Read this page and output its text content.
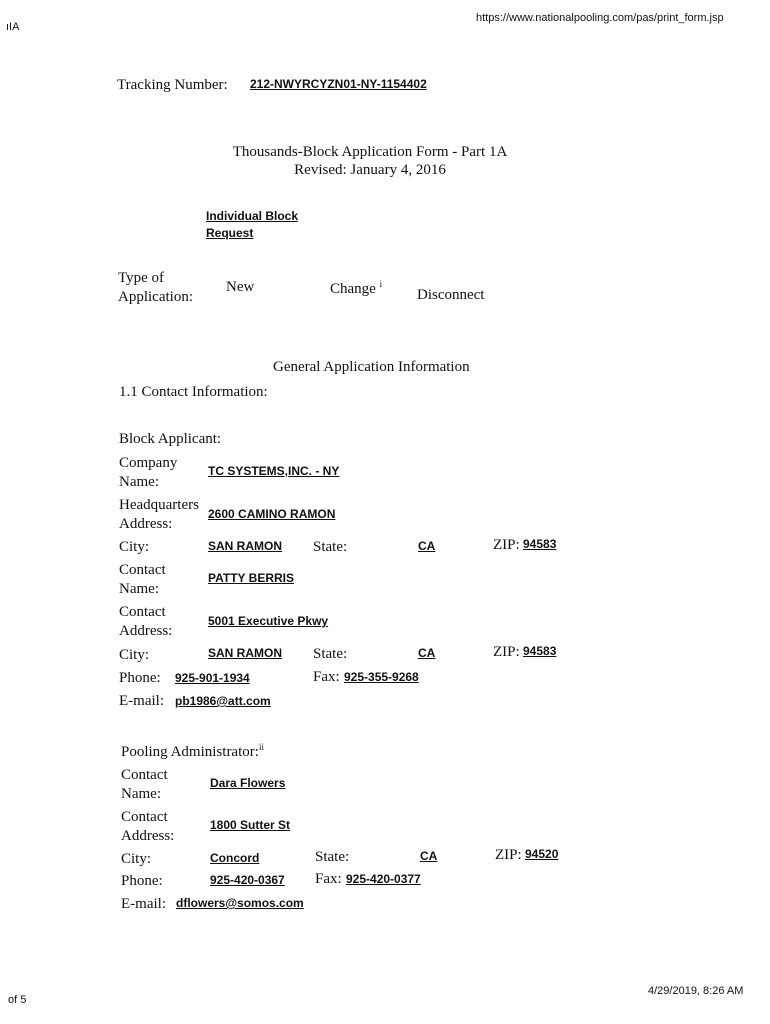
ıIA
https://www.nationalpooling.com/pas/print_form.jsp
Tracking Number: 212-NWYRCYZN01-NY-1154402
Thousands-Block Application Form - Part 1A
Revised: January 4, 2016
Individual Block
Request
Type of
Application:
New	Change $^i$
Disconnect
General Application Information
1.1 Contact Information:
Block Applicant:
Company
Name:
TC SYSTEMS,INC. - NY
Headquarters
Address:
2600 CAMINO RAMON
City:	SAN RAMON State:	CA	ZIP: 94583
Contact
Name:
PATTY BERRIS
Contact
Address:
5001 Executive Pkwy
City:	SAN RAMON State:	CA	ZIP: 94583
Phone: 925-901-1934	Fax: 925-355-9268
E-mail: pb1986@att.com
Pooling Administrator:$^{ii}$
Contact
Name:
Dara Flowers
Contact
Address:
1800 Sutter St
City:	Concord	State:	CA	ZIP: 94520
Phone:	925-420-0367 Fax: 925-420-0377
E-mail: dflowers@somos.com
of 5
4/29/2019, 8:26 AM
